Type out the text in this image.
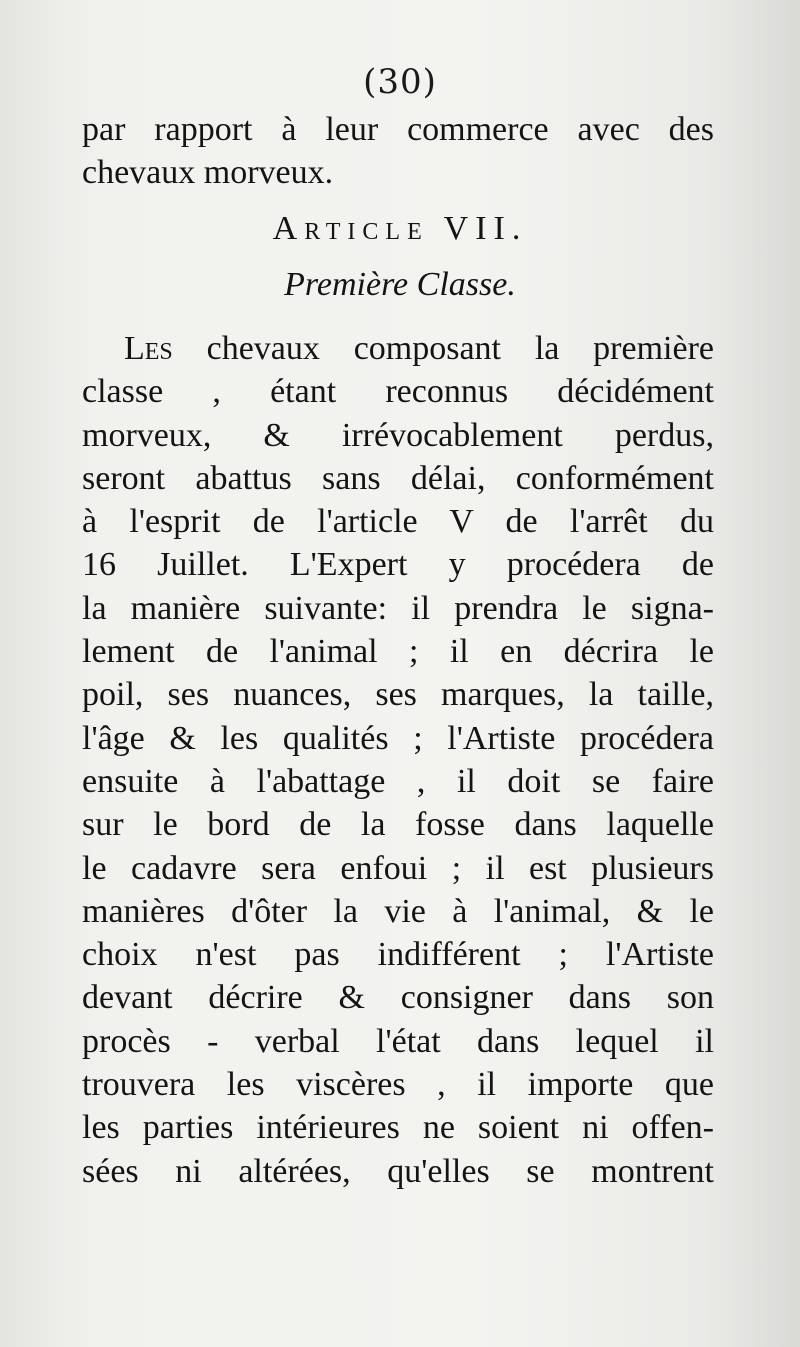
(30)
par rapport à leur commerce avec des
chevaux morveux.
Article VII.
Première Classe.
Les chevaux composant la première
classe , étant reconnus décidément
morveux, & irrévocablement perdus,
seront abattus sans délai, conformément
à l'esprit de l'article V de l'arrêt du
16 Juillet. L'Expert y procédera de
la manière suivante: il prendra le signa-
lement de l'animal ; il en décrira le
poil, ses nuances, ses marques, la taille,
l'âge & les qualités ; l'Artiste procédera
ensuite à l'abattage , il doit se faire
sur le bord de la fosse dans laquelle
le cadavre sera enfoui ; il est plusieurs
manières d'ôter la vie à l'animal, & le
choix n'est pas indifférent ; l'Artiste
devant décrire & consigner dans son
procès - verbal l'état dans lequel il
trouvera les viscères , il importe que
les parties intérieures ne soient ni offen-
sées ni altérées, qu'elles se montrent
